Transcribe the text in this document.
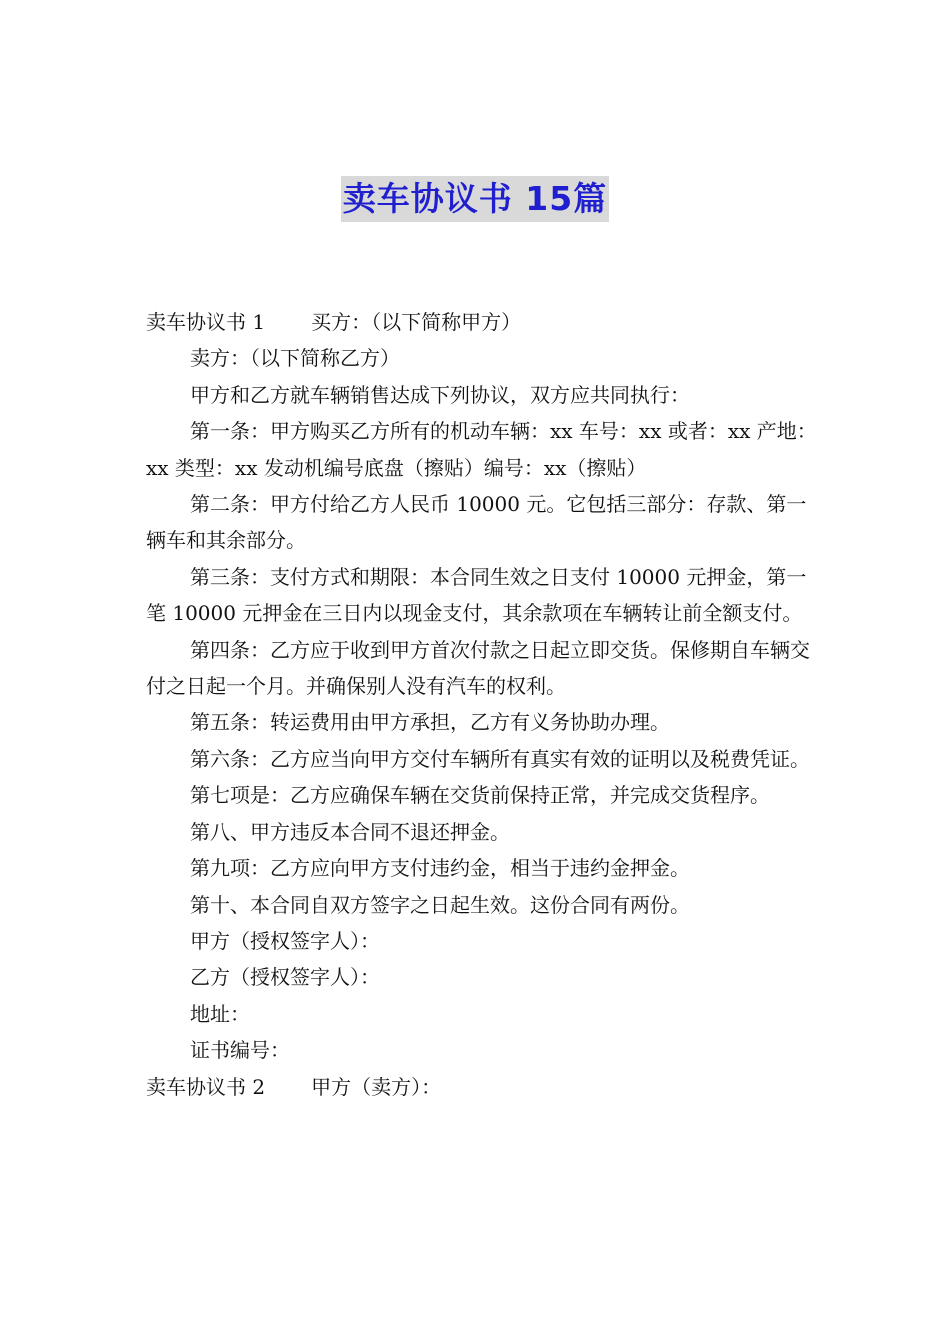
卖车协议书 15篇

卖车协议书 1 买方：（以下简称甲方）

卖方：（以下简称乙方）

甲方和乙方就车辆销售达成下列协议，双方应共同执行：

第一条：甲方购买乙方所有的机动车辆：xx 车号：xx 或者：xx 产地：xx 类型：xx 发动机编号底盘（擦贴）编号：xx（擦贴）

第二条：甲方付给乙方人民币 10000 元。它包括三部分：存款、第一辆车和其余部分。

第三条：支付方式和期限：本合同生效之日支付 10000 元押金，第一笔 10000 元押金在三日内以现金支付，其余款项在车辆转让前全额支付。

第四条：乙方应于收到甲方首次付款之日起立即交货。保修期自车辆交付之日起一个月。并确保别人没有汽车的权利。

第五条：转运费用由甲方承担，乙方有义务协助办理。

第六条：乙方应当向甲方交付车辆所有真实有效的证明以及税费凭证。

第七项是：乙方应确保车辆在交货前保持正常，并完成交货程序。

第八、甲方违反本合同不退还押金。

第九项：乙方应向甲方支付违约金，相当于违约金押金。

第十、本合同自双方签字之日起生效。这份合同有两份。

甲方（授权签字人）：

乙方（授权签字人）：

地址：

证书编号：

卖车协议书 2 甲方（卖方）：
